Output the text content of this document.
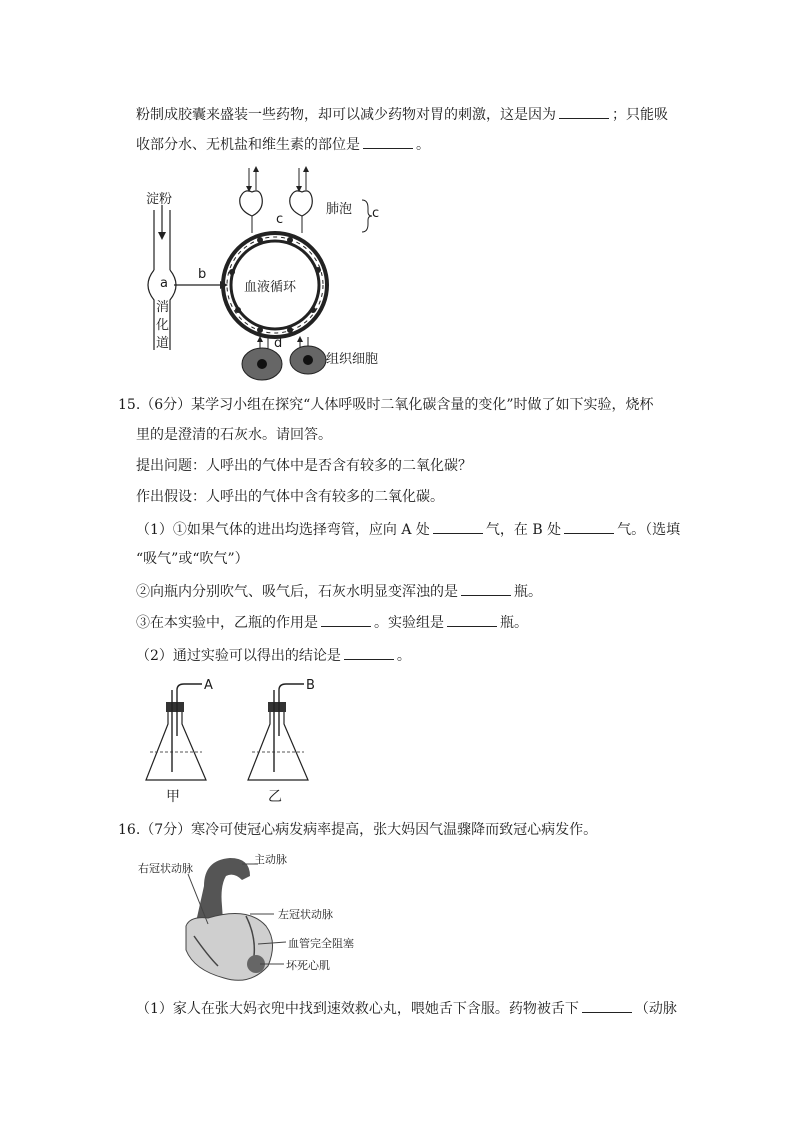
粉制成胶囊来盛装一些药物，却可以减少药物对胃的刺激，这是因为	；只能吸
收部分水、无机盐和维生素的部位是	。
淀粉
a
b
c	c
d
肺泡
血液循环
消
化
道
组织细胞
15.（6分）某学习小组在探究“人体呼吸时二氧化碳含量的变化”时做了如下实验，烧杯
里的是澄清的石灰水。请回答。
提出问题：人呼出的气体中是否含有较多的二氧化碳？
作出假设：人呼出的气体中含有较多的二氧化碳。
（1）①如果气体的进出均选择弯管，应向 A 处	气，在 B 处	气。（选填
“吸气”或“吹气”）
②向瓶内分别吹气、吸气后，石灰水明显变浑浊的是	瓶。
③在本实验中，乙瓶的作用是	。实验组是	瓶。
（2）通过实验可以得出的结论是	。
A	B
甲	乙
16.（7分）寒冷可使冠心病发病率提高，张大妈因气温骤降而致冠心病发作。
右冠状动脉
主动脉
左冠状动脉
血管完全阻塞
坏死心肌
（1）家人在张大妈衣兜中找到速效救心丸，喂她舌下含服。药物被舌下	（动脉
